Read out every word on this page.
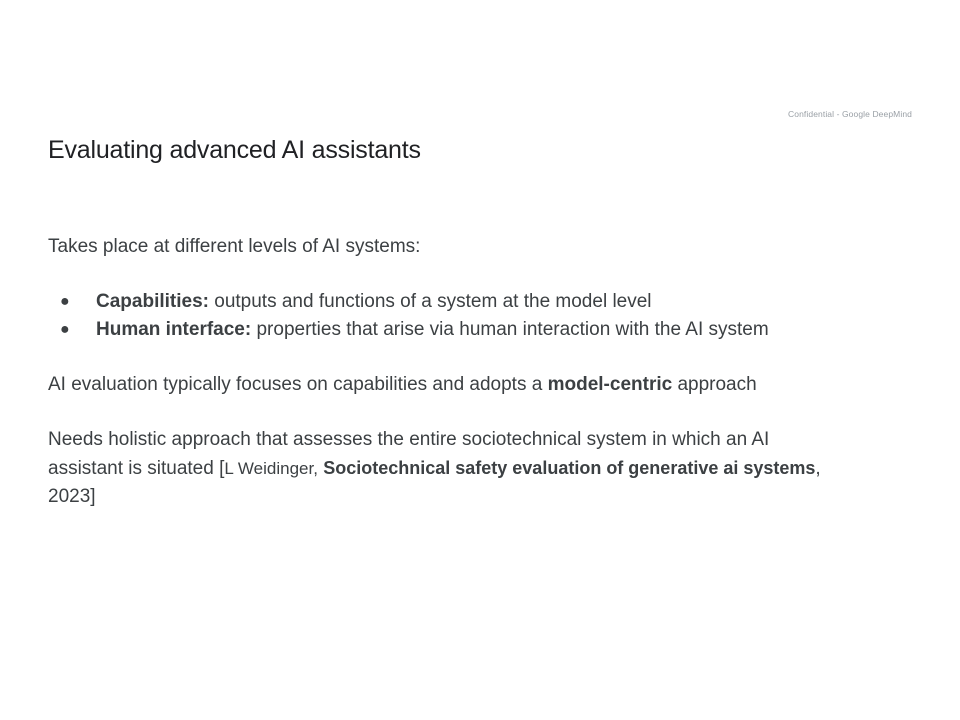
Confidential - Google DeepMind
Evaluating advanced AI assistants

Takes place at different levels of AI systems:

● Capabilities: outputs and functions of a system at the model level
● Human interface: properties that arise via human interaction with the AI system

AI evaluation typically focuses on capabilities and adopts a model-centric approach

Needs holistic approach that assesses the entire sociotechnical system in which an AI assistant is situated [L Weidinger, Sociotechnical safety evaluation of generative ai systems, 2023]
